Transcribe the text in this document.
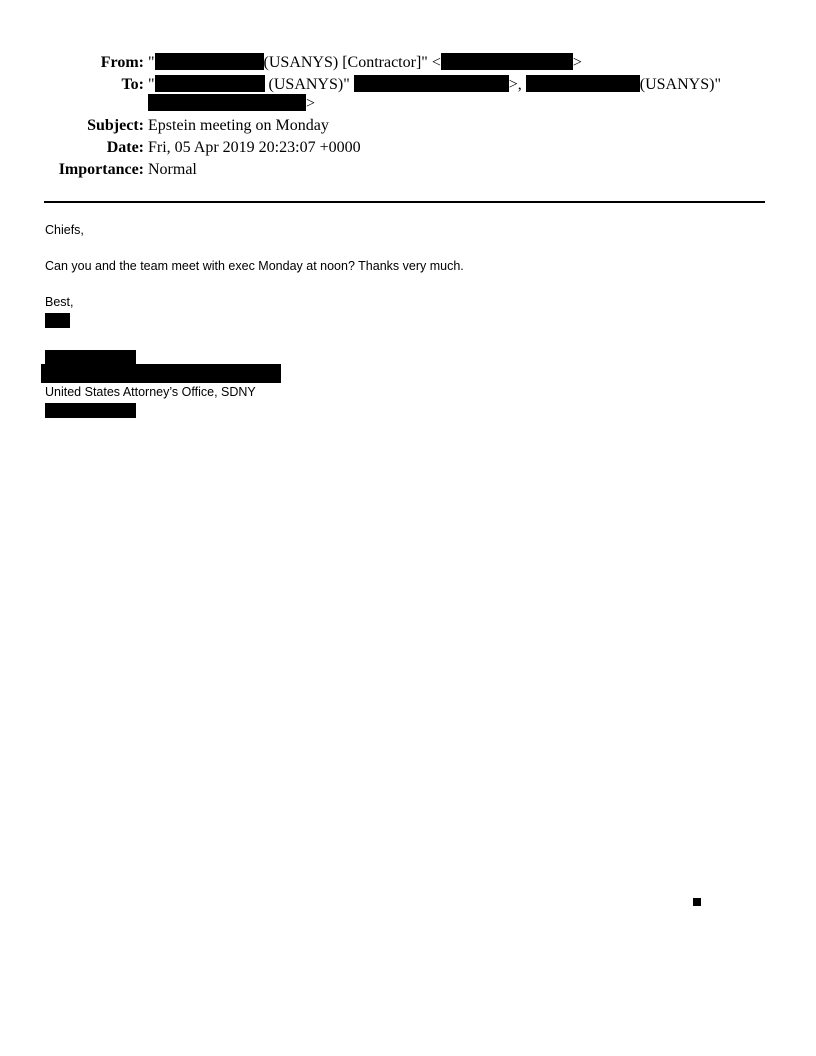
From: "	(USANYS) [Contractor]" <	>
To: "	(USANYS)"	>,	(USANYS)"
>
Subject: Epstein meeting on Monday
Date: Fri, 05 Apr 2019 20:23:07 +0000
Importance: Normal
Chiefs,
Can you and the team meet with exec Monday at noon? Thanks very much.
Best,
United States Attorney’s Office, SDNY
